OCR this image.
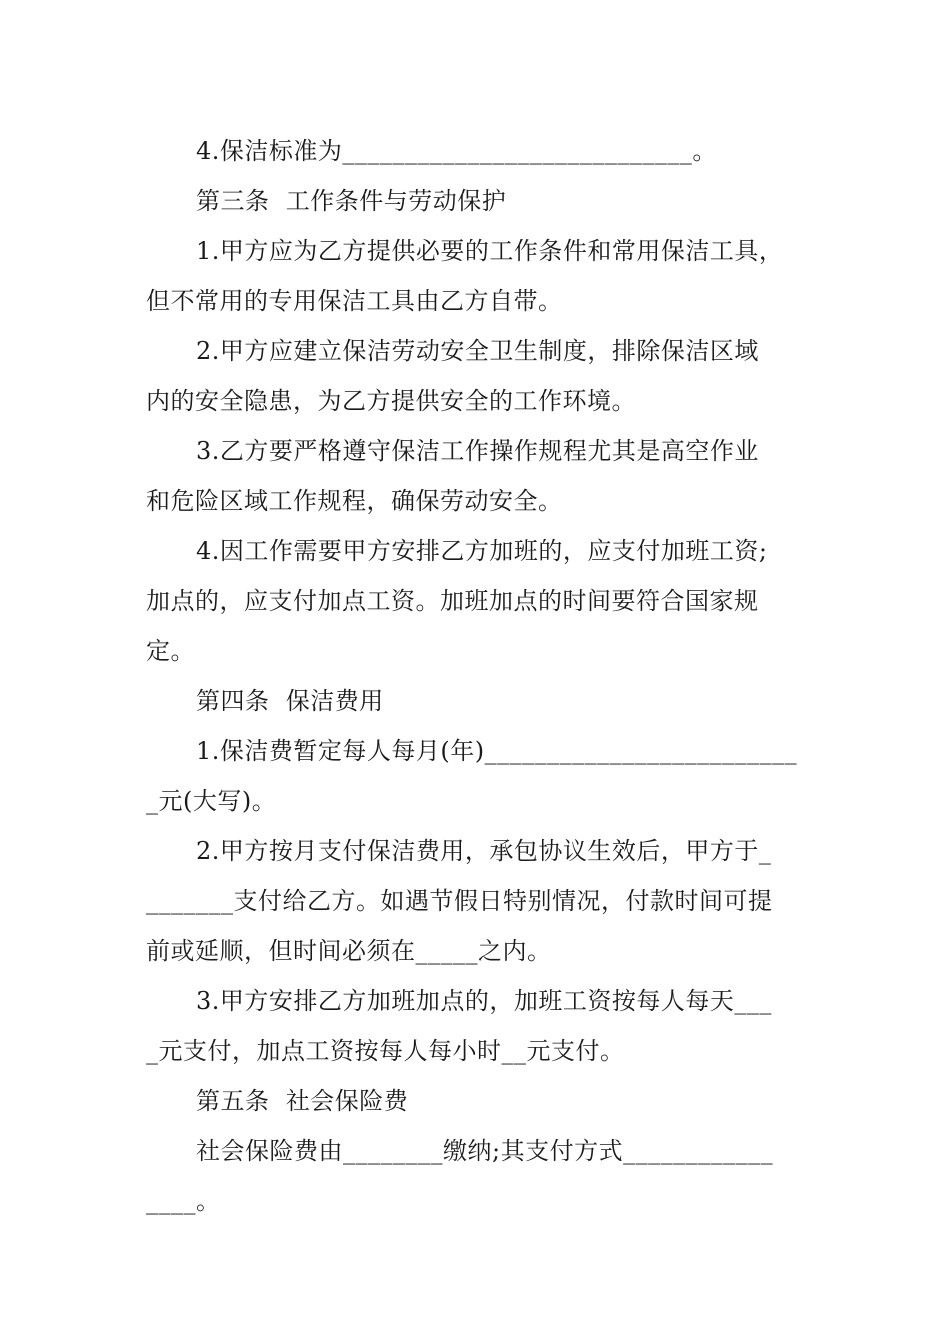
4.保洁标准为____________________________。
第三条  工作条件与劳动保护
1.甲方应为乙方提供必要的工作条件和常用保洁工具，
但不常用的专用保洁工具由乙方自带。
2.甲方应建立保洁劳动安全卫生制度，排除保洁区域
内的安全隐患，为乙方提供安全的工作环境。
3.乙方要严格遵守保洁工作操作规程尤其是高空作业
和危险区域工作规程，确保劳动安全。
4.因工作需要甲方安排乙方加班的，应支付加班工资;
加点的，应支付加点工资。加班加点的时间要符合国家规
定。
第四条  保洁费用
1.保洁费暂定每人每月(年)_________________________
_元(大写)。
2.甲方按月支付保洁费用，承包协议生效后，甲方于_
_______支付给乙方。如遇节假日特别情况，付款时间可提
前或延顺，但时间必须在_____之内。
3.甲方安排乙方加班加点的，加班工资按每人每天___
_元支付，加点工资按每人每小时__元支付。
第五条  社会保险费
社会保险费由________缴纳;其支付方式____________
____。
